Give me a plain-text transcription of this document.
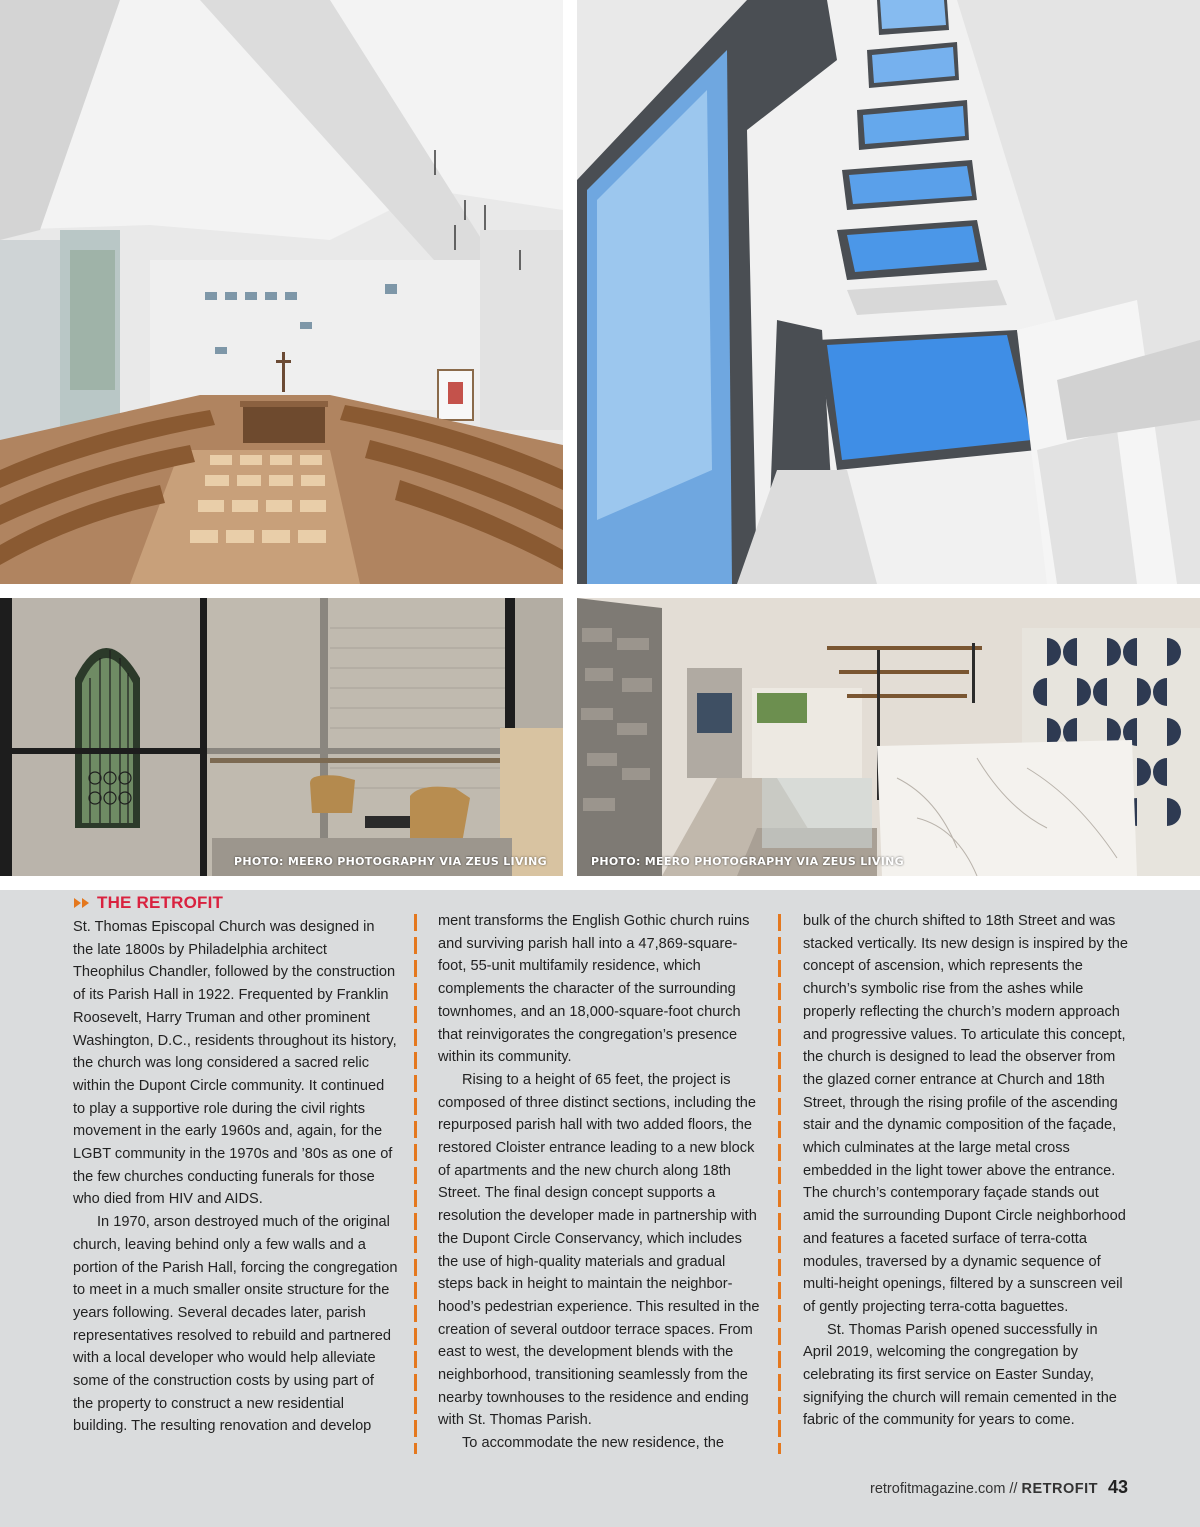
PHOTO: MEERO PHOTOGRAPHY VIA ZEUS LIVING	PHOTO: MEERO PHOTOGRAPHY VIA ZEUS LIVING
THE RETROFIT

St. Thomas Episcopal Church was designed in the late 1800s by Philadelphia architect Theophilus Chandler, followed by the construction of its Parish Hall in 1922. Frequented by Franklin Roosevelt, Harry Truman and other prominent Washington, D.C., residents throughout its history, the church was long considered a sacred relic within the Dupont Circle community. It continued to play a supportive role during the civil rights movement in the early 1960s and, again, for the LGBT community in the 1970s and ’80s as one of the few churches conducting funerals for those who died from HIV and AIDS.

In 1970, arson destroyed much of the original church, leaving behind only a few walls and a portion of the Parish Hall, forcing the congregation to meet in a much smaller onsite structure for the years following. Several decades later, parish representatives resolved to rebuild and partnered with a local developer who would help alleviate some of the construction costs by using part of the property to construct a new residential building. The resulting renovation and develop

ment transforms the English Gothic church ruins and surviving parish hall into a 47,869-square-foot, 55-unit multifamily residence, which complements the character of the surrounding townhomes, and an 18,000-square-foot church that reinvigorates the congregation’s presence within its community.

Rising to a height of 65 feet, the project is composed of three distinct sections, including the repurposed parish hall with two added floors, the restored Cloister entrance leading to a new block of apartments and the new church along 18th Street. The final design concept supports a resolution the developer made in partnership with the Dupont Circle Conservancy, which includes the use of high-quality materials and gradual steps back in height to maintain the neighborhood’s pedestrian experience. This resulted in the creation of several outdoor terrace spaces. From east to west, the development blends with the neighborhood, transitioning seamlessly from the nearby townhouses to the residence and ending with St. Thomas Parish.

To accommodate the new residence, the

bulk of the church shifted to 18th Street and was stacked vertically. Its new design is inspired by the concept of ascension, which represents the church’s symbolic rise from the ashes while properly reflecting the church’s modern approach and progressive values. To articulate this concept, the church is designed to lead the observer from the glazed corner entrance at Church and 18th Street, through the rising profile of the ascending stair and the dynamic composition of the façade, which culminates at the large metal cross embedded in the light tower above the entrance. The church’s contemporary façade stands out amid the surrounding Dupont Circle neighborhood and features a faceted surface of terra-cotta modules, traversed by a dynamic sequence of multi-height openings, filtered by a sunscreen veil of gently projecting terra-cotta baguettes.

St. Thomas Parish opened successfully in April 2019, welcoming the congregation by celebrating its first service on Easter Sunday, signifying the church will remain cemented in the fabric of the community for years to come.

retrofitmagazine.com // RETROFIT 43
